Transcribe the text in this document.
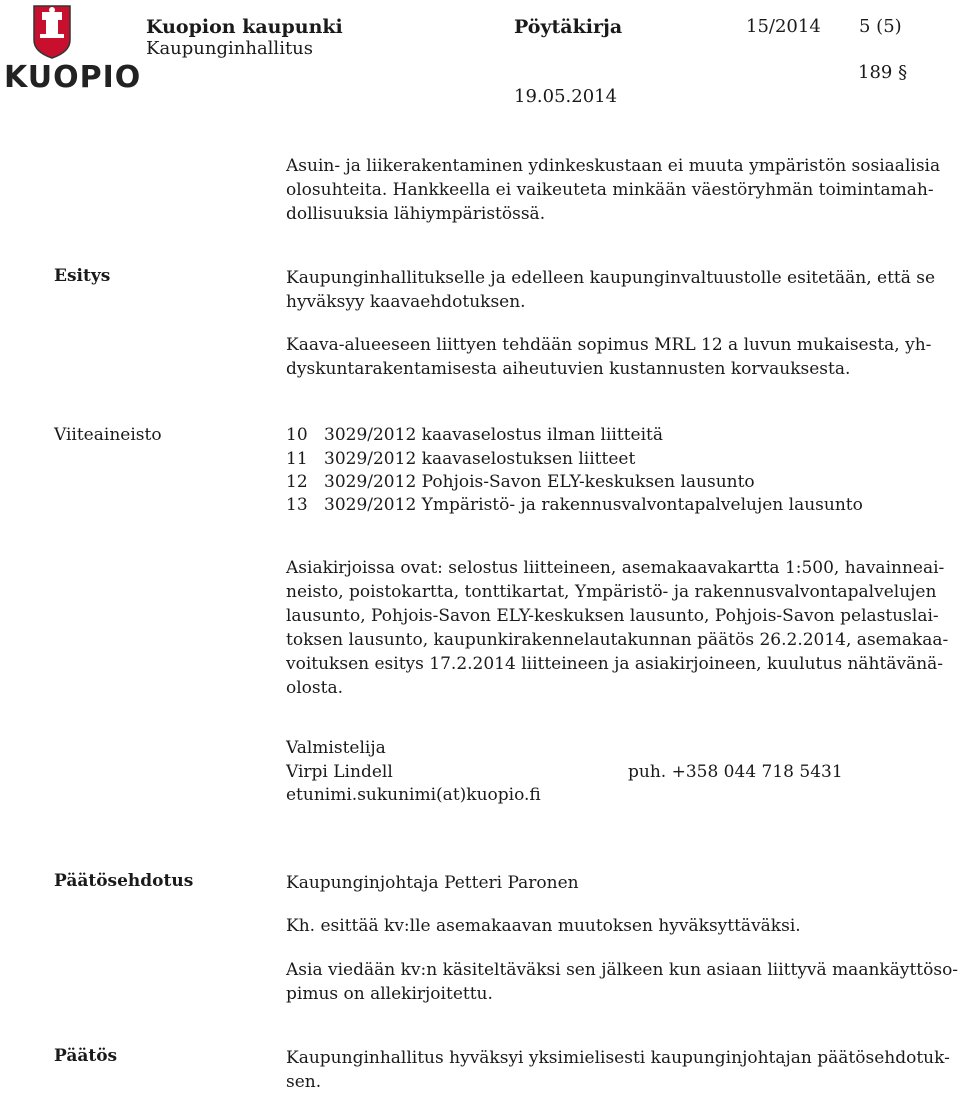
KUOPIO
Kuopion kaupunki	Pöytäkirja	15/2014 5 (5)
Kaupunginhallitus
189 §
19.05.2014
Asuin- ja liikerakentaminen ydinkeskustaan ei muuta ympäristön sosiaalisia
olosuhteita. Hankkeella ei vaikeuteta minkään väestöryhmän toimintamah-
dollisuuksia lähiympäristössä.
Esitys	Kaupunginhallitukselle ja edelleen kaupunginvaltuustolle esitetään, että se
hyväksyy kaavaehdotuksen.
Kaava-alueeseen liittyen tehdään sopimus MRL 12 a luvun mukaisesta, yh-
dyskuntarakentamisesta aiheutuvien kustannusten korvauksesta.
Viiteaineisto	10 3029/2012 kaavaselostus ilman liitteitä
11 3029/2012 kaavaselostuksen liitteet
12 3029/2012 Pohjois-Savon ELY-keskuksen lausunto
13 3029/2012 Ympäristö- ja rakennusvalvontapalvelujen lausunto
Asiakirjoissa ovat: selostus liitteineen, asemakaavakartta 1:500, havainneai-
neisto, poistokartta, tonttikartat, Ympäristö- ja rakennusvalvontapalvelujen
lausunto, Pohjois-Savon ELY-keskuksen lausunto, Pohjois-Savon pelastuslai-
toksen lausunto, kaupunkirakennelautakunnan päätös 26.2.2014, asemakaa-
voituksen esitys 17.2.2014 liitteineen ja asiakirjoineen, kuulutus nähtävänä-
olosta.
Valmistelija
Virpi Lindell	puh. +358 044 718 5431
etunimi.sukunimi(at)kuopio.fi
Päätösehdotus	Kaupunginjohtaja Petteri Paronen
Kh. esittää kv:lle asemakaavan muutoksen hyväksyttäväksi.
Asia viedään kv:n käsiteltäväksi sen jälkeen kun asiaan liittyvä maankäyttöso-
pimus on allekirjoitettu.
Päätös	Kaupunginhallitus hyväksyi yksimielisesti kaupunginjohtajan päätösehdotuk-
sen.
